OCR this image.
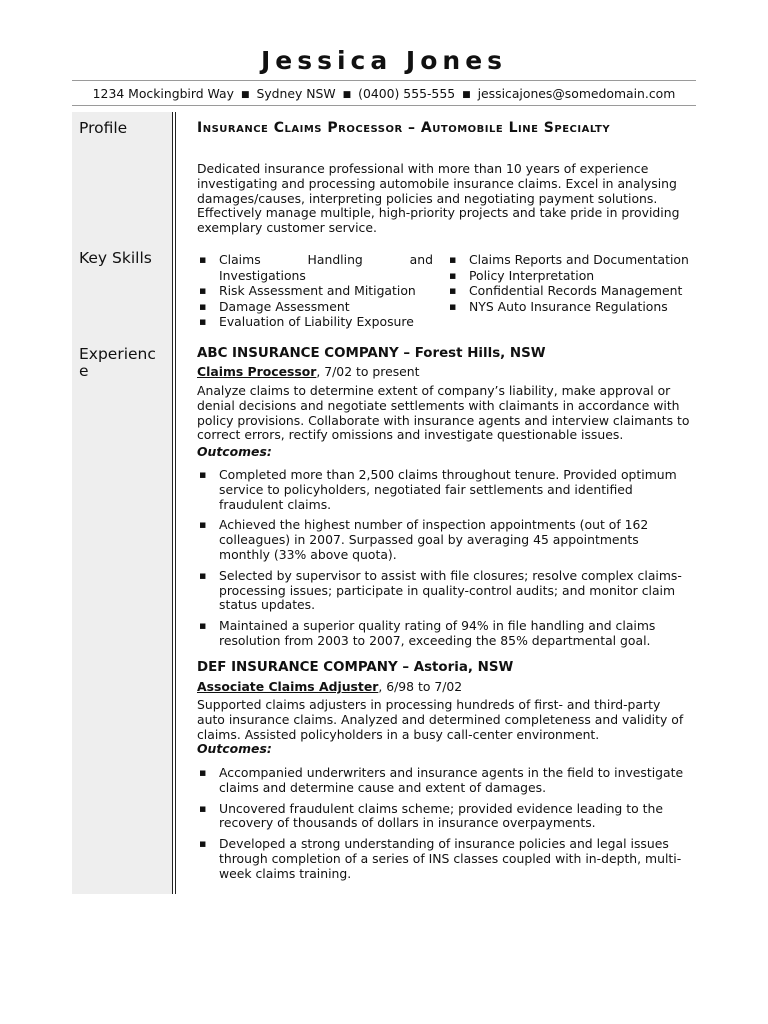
Jessica Jones
1234 Mockingbird Way ■ Sydney NSW ■ (0400) 555-555 ■ jessicajones@somedomain.com
Profile
Key Skills
Experienc
e
Insurance Claims Processor – Automobile Line Specialty
Dedicated insurance professional with more than 10 years of experience investigating and processing automobile insurance claims. Excel in analysing damages/causes, interpreting policies and negotiating payment solutions. Effectively manage multiple, high-priority projects and take pride in providing exemplary customer service.
▪ Claims Handling and Investigations
▪ Risk Assessment and Mitigation
▪ Damage Assessment
▪ Evaluation of Liability Exposure
▪ Claims Reports and Documentation
▪ Policy Interpretation
▪ Confidential Records Management
▪ NYS Auto Insurance Regulations
ABC INSURANCE COMPANY – Forest Hills, NSW
Claims Processor, 7/02 to present
Analyze claims to determine extent of company’s liability, make approval or denial decisions and negotiate settlements with claimants in accordance with policy provisions. Collaborate with insurance agents and interview claimants to correct errors, rectify omissions and investigate questionable issues.
Outcomes:
▪ Completed more than 2,500 claims throughout tenure. Provided optimum service to policyholders, negotiated fair settlements and identified fraudulent claims.
▪ Achieved the highest number of inspection appointments (out of 162 colleagues) in 2007. Surpassed goal by averaging 45 appointments monthly (33% above quota).
▪ Selected by supervisor to assist with file closures; resolve complex claims-processing issues; participate in quality-control audits; and monitor claim status updates.
▪ Maintained a superior quality rating of 94% in file handling and claims resolution from 2003 to 2007, exceeding the 85% departmental goal.
DEF INSURANCE COMPANY – Astoria, NSW
Associate Claims Adjuster, 6/98 to 7/02
Supported claims adjusters in processing hundreds of first- and third-party auto insurance claims. Analyzed and determined completeness and validity of claims. Assisted policyholders in a busy call-center environment.
Outcomes:
▪ Accompanied underwriters and insurance agents in the field to investigate claims and determine cause and extent of damages.
▪ Uncovered fraudulent claims scheme; provided evidence leading to the recovery of thousands of dollars in insurance overpayments.
▪ Developed a strong understanding of insurance policies and legal issues through completion of a series of INS classes coupled with in-depth, multi-week claims training.
